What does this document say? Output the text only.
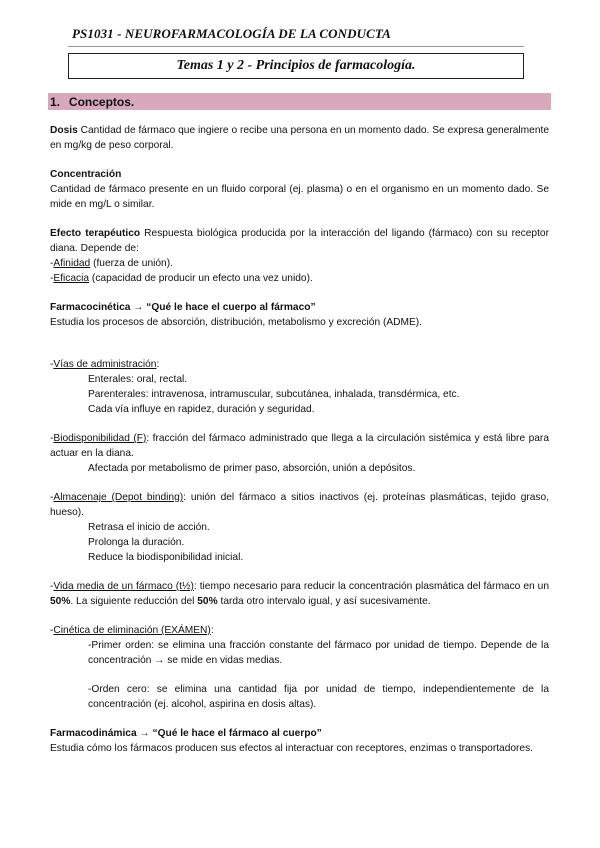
PS1031 - NEUROFARMACOLOGÍA DE LA CONDUCTA
Temas 1 y 2 - Principios de farmacología.
1. Conceptos.

Dosis Cantidad de fármaco que ingiere o recibe una persona en un momento dado. Se expresa generalmente en mg/kg de peso corporal.

Concentración
Cantidad de fármaco presente en un fluido corporal (ej. plasma) o en el organismo en un momento dado. Se mide en mg/L o similar.

Efecto terapéutico Respuesta biológica producida por la interacción del ligando (fármaco) con su receptor diana. Depende de:
-Afinidad (fuerza de unión).
-Eficacia (capacidad de producir un efecto una vez unido).

Farmacocinética → “Qué le hace el cuerpo al fármaco”
Estudia los procesos de absorción, distribución, metabolismo y excreción (ADME).

-Vías de administración:
Enterales: oral, rectal.
Parenterales: intravenosa, intramuscular, subcutánea, inhalada, transdérmica, etc.
Cada vía influye en rapidez, duración y seguridad.

-Biodisponibilidad (F): fracción del fármaco administrado que llega a la circulación sistémica y está libre para actuar en la diana.
Afectada por metabolismo de primer paso, absorción, unión a depósitos.

-Almacenaje (Depot binding): unión del fármaco a sitios inactivos (ej. proteínas plasmáticas, tejido graso, hueso).
Retrasa el inicio de acción.
Prolonga la duración.
Reduce la biodisponibilidad inicial.

-Vida media de un fármaco (t½): tiempo necesario para reducir la concentración plasmática del fármaco en un 50%. La siguiente reducción del 50% tarda otro intervalo igual, y así sucesivamente.

-Cinética de eliminación (EXÁMEN):

-Primer orden: se elimina una fracción constante del fármaco por unidad de tiempo. Depende de la concentración → se mide en vidas medias.

-Orden cero: se elimina una cantidad fija por unidad de tiempo, independientemente de la concentración (ej. alcohol, aspirina en dosis altas).

Farmacodinámica → “Qué le hace el fármaco al cuerpo”
Estudia cómo los fármacos producen sus efectos al interactuar con receptores, enzimas o transportadores.
